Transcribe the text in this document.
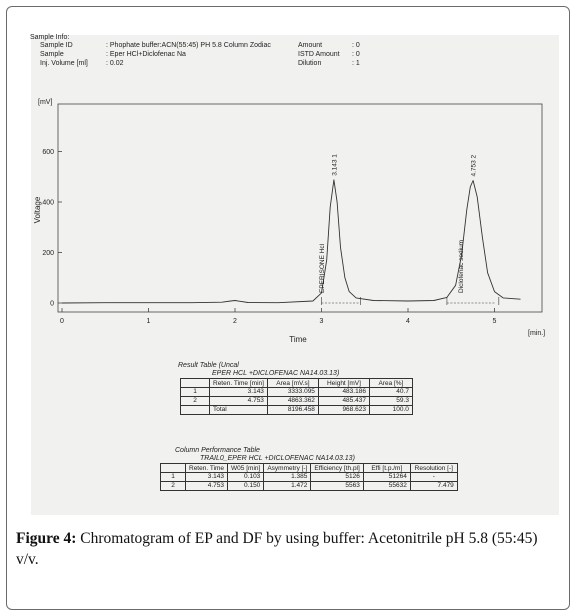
Sample Info:
Sample ID	: Phophate buffer:ACN(55:45) PH 5.8 Column Zodiac
Sample	: Eper HCl+Diclofenac Na
Inj. Volume [ml]	: 0.02
Amount	: 0
ISTD Amount : 0
Dilution	: 1
0	1	2	3	4	5
0
200
400
600
3.143 1
EPERISONE Hcl
4.753 2
Diclofenac sodium
[min.]
[mV]
Time
Voltage
Result Table (Uncal
EPER HCL +DICLOFENAC NA14.03.13)
	Reten. Time [min]	Area [mV.s]	Height [mV]	Area [%]
1	3.143	3333.095	483.186	40.7
2	4.753	4863.362	485.437	59.3
	Total	8196.458	968.623	100.0
Column Performance Table
TRAIL0_EPER HCL +DICLOFENAC NA14.03.13)
	Reten. Time	W05 [min]	Asymmetry [-]	Efficiency [th.pl]	Effi [t.p./m]	Resolution [-]
1	3.143	0.103	1.385	5126	51264	-
2	4.753	0.150	1.472	5563	55632	7.479
Figure 4: Chromatogram of EP and DF by using buffer: Acetonitrile pH 5.8 (55:45) v/v.
